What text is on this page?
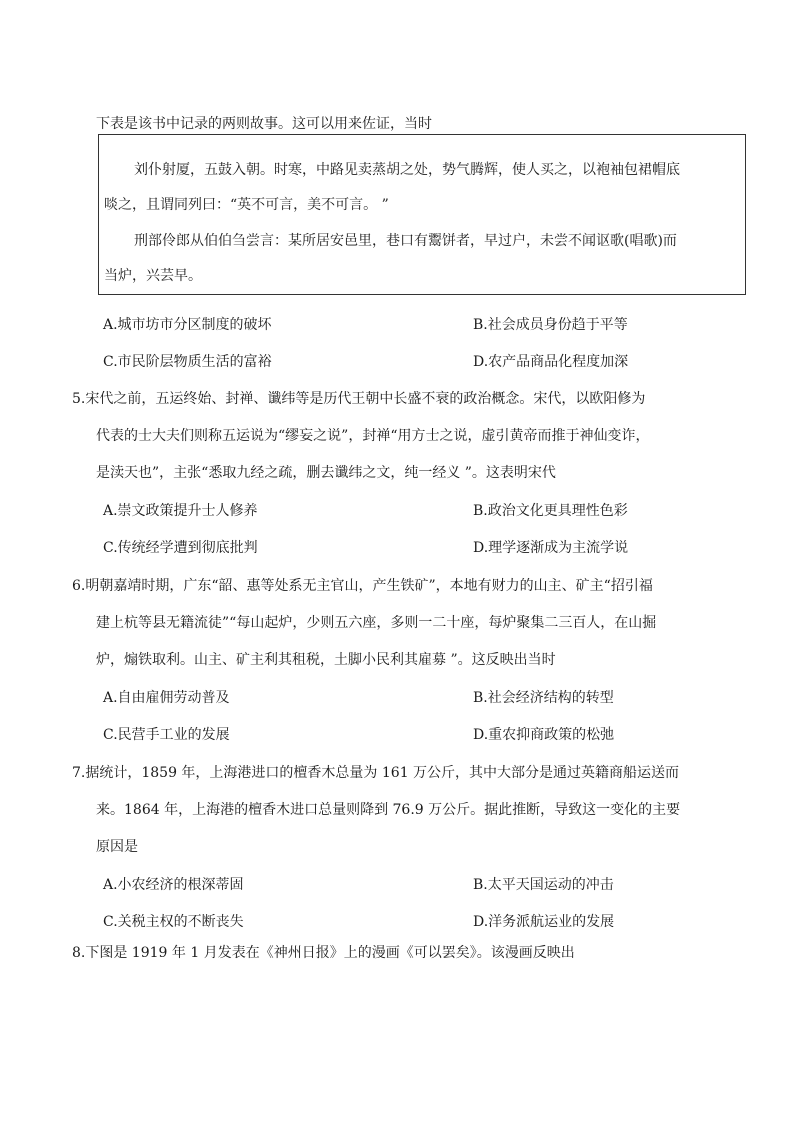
下表是该书中记录的两则故事。这可以用来佐证，当时
刘仆射厦，五鼓入朝。时寒，中路见卖蒸胡之处，势气腾辉，使人买之，以袍袖包裙帽底
啖之，且谓同列曰：“英不可言，美不可言。 ”
刑部伶郎从伯伯刍尝言：某所居安邑里，巷口有鬻饼者，早过户，未尝不闻讴歌(唱歌)而
当炉，兴芸早。
A.城市坊市分区制度的破坏	B.社会成员身份趋于平等
C.市民阶层物质生活的富裕	D.农产品商品化程度加深
5.宋代之前，五运终始、封禅、谶纬等是历代王朝中长盛不衰的政治概念。宋代，以欧阳修为
代表的士大夫们则称五运说为“缪妄之说”，封禅“用方士之说，虚引黄帝而推于神仙变诈，
是渎天也”，主张“悉取九经之疏，删去谶纬之文，纯一经义 ”。这表明宋代
A.崇文政策提升士人修养	B.政治文化更具理性色彩
C.传统经学遭到彻底批判	D.理学逐渐成为主流学说
6.明朝嘉靖时期，广东“韶、惠等处系无主官山，产生铁矿”，本地有财力的山主、矿主“招引福
建上杭等县无籍流徒”“每山起炉，少则五六座，多则一二十座，每炉聚集二三百人，在山掘
炉，煽铁取利。山主、矿主利其租税，土脚小民利其雇募 ”。这反映出当时
A.自由雇佣劳动普及	B.社会经济结构的转型
C.民营手工业的发展	D.重农抑商政策的松弛
7.据统计，1859 年，上海港进口的檀香木总量为 161 万公斤，其中大部分是通过英籍商船运送而
来。1864 年，上海港的檀香木进口总量则降到 76.9 万公斤。据此推断，导致这一变化的主要
原因是
A.小农经济的根深蒂固	B.太平天国运动的冲击
C.关税主权的不断丧失	D.洋务派航运业的发展
8.下图是 1919 年 1 月发表在《神州日报》上的漫画《可以罢矣》。该漫画反映出
